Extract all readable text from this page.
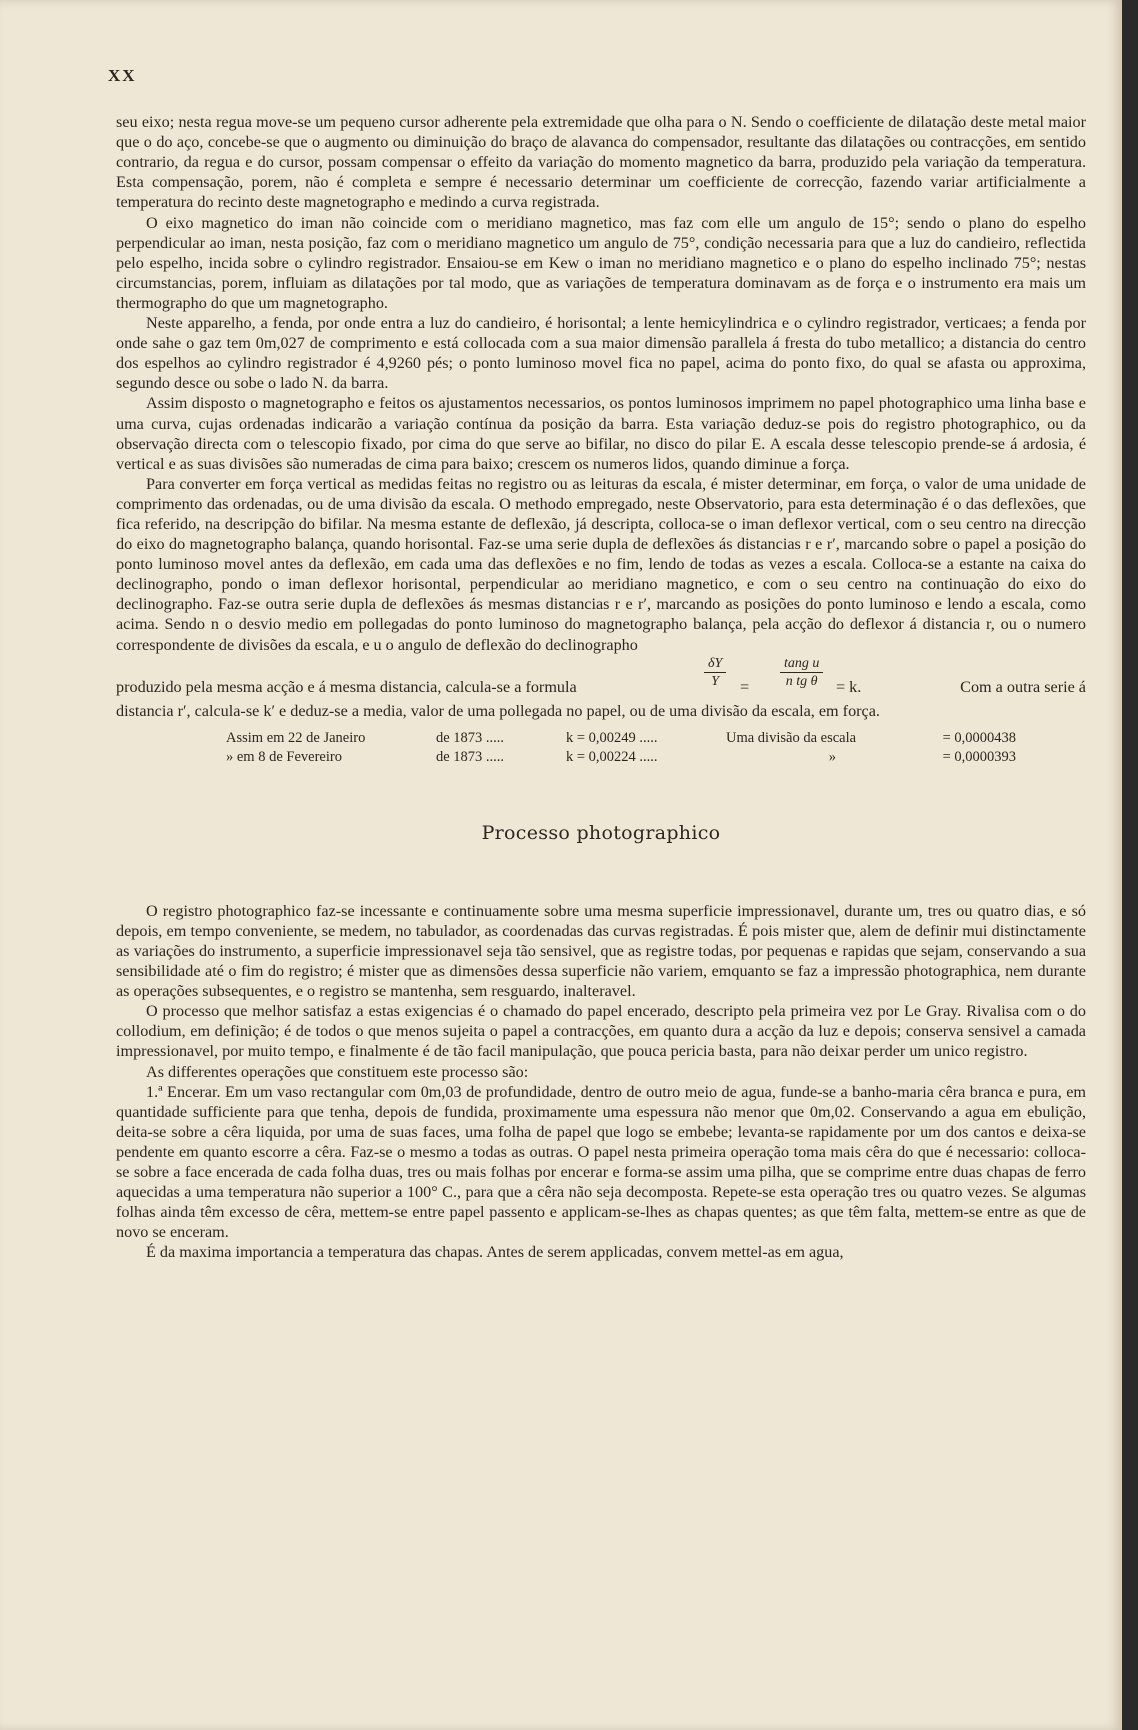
XX

seu eixo; nesta regua move-se um pequeno cursor adherente pela extremidade que olha para o N. Sendo o coefficiente de dilatação deste metal maior que o do aço, concebe-se que o augmento ou diminuição do braço de alavanca do compensador, resultante das dilatações ou contracções, em sentido contrario, da regua e do cursor, possam compensar o effeito da variação do momento magnetico da barra, produzido pela variação da temperatura. Esta compensação, porem, não é completa e sempre é necessario determinar um coefficiente de correcção, fazendo variar artificialmente a temperatura do recinto deste magnetographo e medindo a curva registrada.

O eixo magnetico do iman não coincide com o meridiano magnetico, mas faz com elle um angulo de 15°; sendo o plano do espelho perpendicular ao iman, nesta posição, faz com o meridiano magnetico um angulo de 75°, condição necessaria para que a luz do candieiro, reflectida pelo espelho, incida sobre o cylindro registrador. Ensaiou-se em Kew o iman no meridiano magnetico e o plano do espelho inclinado 75°; nestas circumstancias, porem, influiam as dilatações por tal modo, que as variações de temperatura dominavam as de força e o instrumento era mais um thermographo do que um magnetographo.

Neste apparelho, a fenda, por onde entra a luz do candieiro, é horisontal; a lente hemicylindrica e o cylindro registrador, verticaes; a fenda por onde sahe o gaz tem 0m,027 de comprimento e está collocada com a sua maior dimensão parallela á fresta do tubo metallico; a distancia do centro dos espelhos ao cylindro registrador é 4,9260 pés; o ponto luminoso movel fica no papel, acima do ponto fixo, do qual se afasta ou approxima, segundo desce ou sobe o lado N. da barra.

Assim disposto o magnetographo e feitos os ajustamentos necessarios, os pontos luminosos imprimem no papel photographico uma linha base e uma curva, cujas ordenadas indicarão a variação contínua da posição da barra. Esta variação deduz-se pois do registro photographico, ou da observação directa com o telescopio fixado, por cima do que serve ao bifilar, no disco do pilar E. A escala desse telescopio prende-se á ardosia, é vertical e as suas divisões são numeradas de cima para baixo; crescem os numeros lidos, quando diminue a força.

Para converter em força vertical as medidas feitas no registro ou as leituras da escala, é mister determinar, em força, o valor de uma unidade de comprimento das ordenadas, ou de uma divisão da escala. O methodo empregado, neste Observatorio, para esta determinação é o das deflexões, que fica referido, na descripção do bifilar. Na mesma estante de deflexão, já descripta, colloca-se o iman deflexor vertical, com o seu centro na direcção do eixo do magnetographo balança, quando horisontal. Faz-se uma serie dupla de deflexões ás distancias r e r′, marcando sobre o papel a posição do ponto luminoso movel antes da deflexão, em cada uma das deflexões e no fim, lendo de todas as vezes a escala. Colloca-se a estante na caixa do declinographo, pondo o iman deflexor horisontal, perpendicular ao meridiano magnetico, e com o seu centro na continuação do eixo do declinographo. Faz-se outra serie dupla de deflexões ás mesmas distancias r e r′, marcando as posições do ponto luminoso e lendo a escala, como acima. Sendo n o desvio medio em pollegadas do ponto luminoso do magnetographo balança, pela acção do deflexor á distancia r, ou o numero correspondente de divisões da escala, e u o angulo de deflexão do declinographo

produzido pela mesma acção e á mesma distancia, calcula-se a formula	$\frac{\delta Y}{Y} = \frac{\text{tang u}}{\text{n tg θ}} = k$.	Com a outra serie á

distancia r′, calcula-se k′ e deduz-se a media, valor de uma pollegada no papel, ou de uma divisão da escala, em força.

Assim em 22 de Janeiro	de 1873 .....	k = 0,00249 .....	Uma divisão da escala	= 0,0000438
» em 8 de Fevereiro	de 1873 .....	k = 0,00224 .....	»	= 0,0000393
Processo photographico

O registro photographico faz-se incessante e continuamente sobre uma mesma superficie impressionavel, durante um, tres ou quatro dias, e só depois, em tempo conveniente, se medem, no tabulador, as coordenadas das curvas registradas. É pois mister que, alem de definir mui distinctamente as variações do instrumento, a superficie impressionavel seja tão sensivel, que as registre todas, por pequenas e rapidas que sejam, conservando a sua sensibilidade até o fim do registro; é mister que as dimensões dessa superficie não variem, emquanto se faz a impressão photographica, nem durante as operações subsequentes, e o registro se mantenha, sem resguardo, inalteravel.

O processo que melhor satisfaz a estas exigencias é o chamado do papel encerado, descripto pela primeira vez por Le Gray. Rivalisa com o do collodium, em definição; é de todos o que menos sujeita o papel a contracções, em quanto dura a acção da luz e depois; conserva sensivel a camada impressionavel, por muito tempo, e finalmente é de tão facil manipulação, que pouca pericia basta, para não deixar perder um unico registro.

As differentes operações que constituem este processo são:

1.ª Encerar. Em um vaso rectangular com 0m,03 de profundidade, dentro de outro meio de agua, funde-se a banho-maria cêra branca e pura, em quantidade sufficiente para que tenha, depois de fundida, proximamente uma espessura não menor que 0m,02. Conservando a agua em ebulição, deita-se sobre a cêra liquida, por uma de suas faces, uma folha de papel que logo se embebe; levanta-se rapidamente por um dos cantos e deixa-se pendente em quanto escorre a cêra. Faz-se o mesmo a todas as outras. O papel nesta primeira operação toma mais cêra do que é necessario: colloca-se sobre a face encerada de cada folha duas, tres ou mais folhas por encerar e forma-se assim uma pilha, que se comprime entre duas chapas de ferro aquecidas a uma temperatura não superior a 100° C., para que a cêra não seja decomposta. Repete-se esta operação tres ou quatro vezes. Se algumas folhas ainda têm excesso de cêra, mettem-se entre papel passento e applicam-se-lhes as chapas quentes; as que têm falta, mettem-se entre as que de novo se enceram.

É da maxima importancia a temperatura das chapas. Antes de serem applicadas, convem mettel-as em agua,
